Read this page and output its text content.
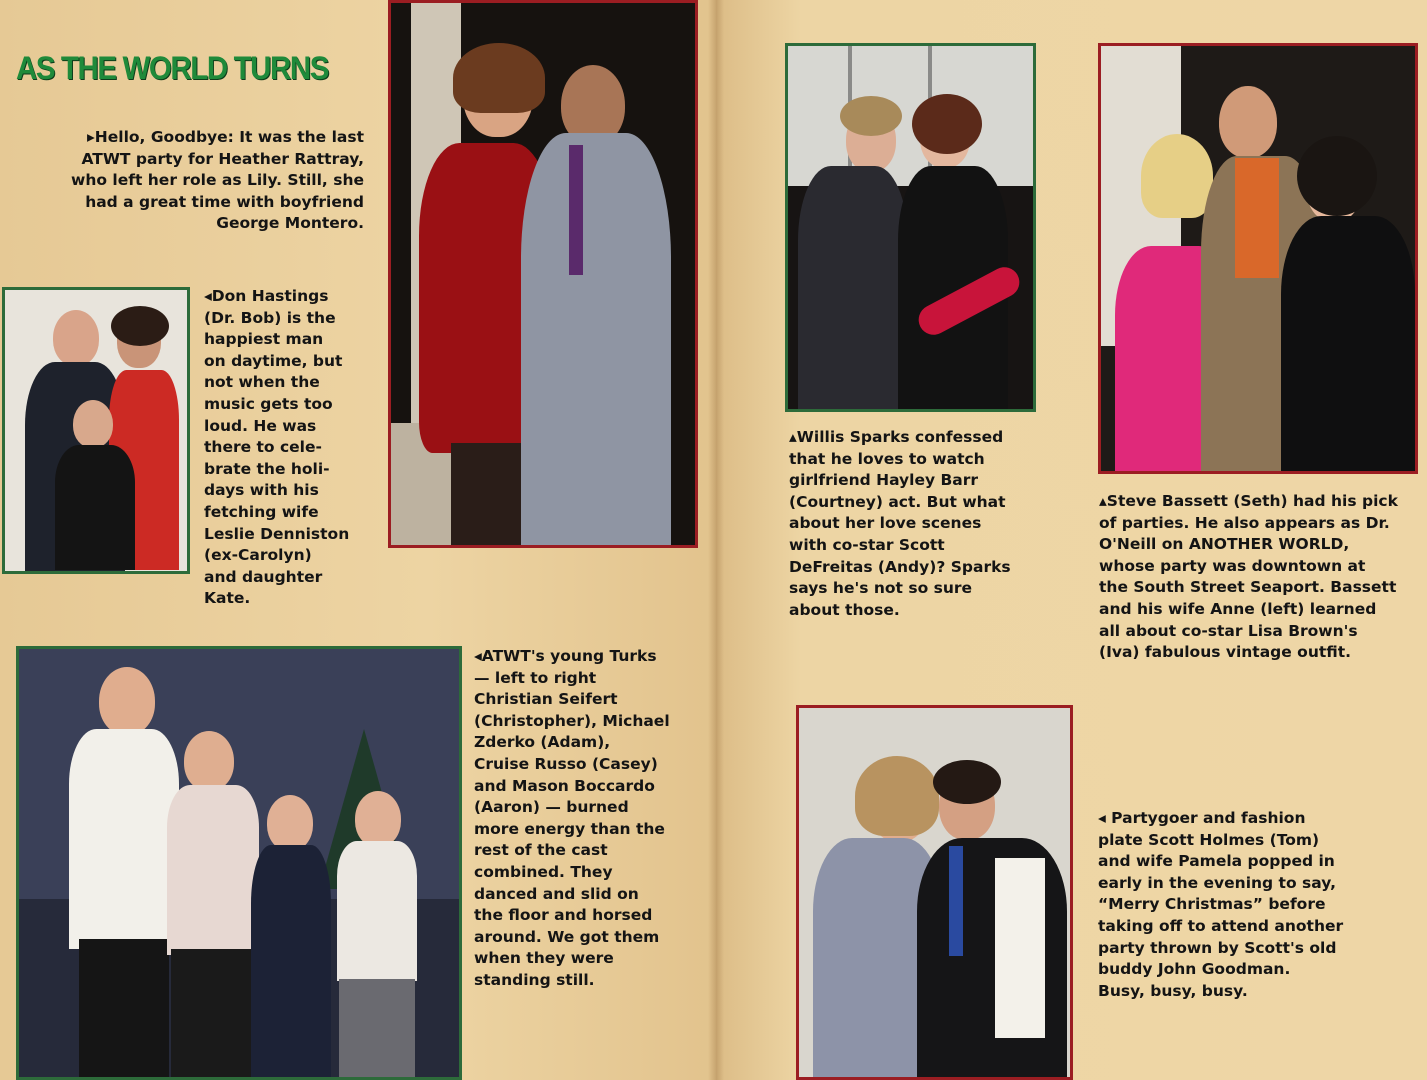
AS THE WORLD TURNS

▸Hello, Goodbye: It was the last
ATWT party for Heather Rattray,
who left her role as Lily. Still, she
had a great time with boyfriend
George Montero.

◂Don Hastings
(Dr. Bob) is the
happiest man
on daytime, but
not when the
music gets too
loud. He was
there to cele-
brate the holi-
days with his
fetching wife
Leslie Denniston
(ex-Carolyn)
and daughter
Kate.

◂ATWT's young Turks
— left to right
Christian Seifert
(Christopher), Michael
Zderko (Adam),
Cruise Russo (Casey)
and Mason Boccardo
(Aaron) — burned
more energy than the
rest of the cast
combined. They
danced and slid on
the floor and horsed
around. We got them
when they were
standing still.

▴Willis Sparks confessed
that he loves to watch
girlfriend Hayley Barr
(Courtney) act. But what
about her love scenes
with co-star Scott
DeFreitas (Andy)? Sparks
says he's not so sure
about those.

▴Steve Bassett (Seth) had his pick
of parties. He also appears as Dr.
O'Neill on ANOTHER WORLD,
whose party was downtown at
the South Street Seaport. Bassett
and his wife Anne (left) learned
all about co-star Lisa Brown's
(Iva) fabulous vintage outfit.

◂ Partygoer and fashion
plate Scott Holmes (Tom)
and wife Pamela popped in
early in the evening to say,
“Merry Christmas” before
taking off to attend another
party thrown by Scott's old
buddy John Goodman.
Busy, busy, busy.
